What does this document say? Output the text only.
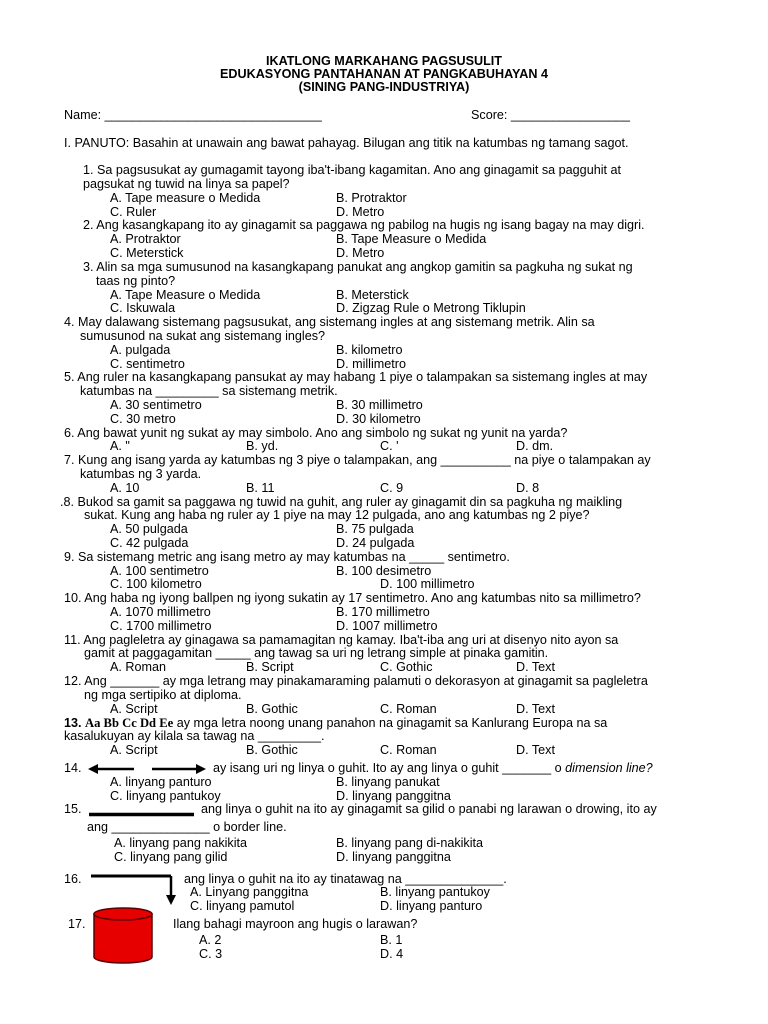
IKATLONG MARKAHANG PAGSUSULIT
EDUKASYONG PANTAHANAN AT PANGKABUHAYAN 4
(SINING PANG-INDUSTRIYA)
Name: _______________________________	Score: _________________
I. PANUTO: Basahin at unawain ang bawat pahayag. Bilugan ang titik na katumbas ng tamang sagot.
1. Sa pagsusukat ay gumagamit tayong iba't-ibang kagamitan. Ano ang ginagamit sa pagguhit at
pagsukat ng tuwid na linya sa papel?
A. Tape measure o Medida	B. Protraktor
C. Ruler	D. Metro
2. Ang kasangkapang ito ay ginagamit sa paggawa ng pabilog na hugis ng isang bagay na may digri.
A. Protraktor	B. Tape Measure o Medida
C. Meterstick	D. Metro
3. Alin sa mga sumusunod na kasangkapang panukat ang angkop gamitin sa pagkuha ng sukat ng
taas ng pinto?
A. Tape Measure o Medida	B. Meterstick
C. Iskuwala	D. Zigzag Rule o Metrong Tiklupin
4. May dalawang sistemang pagsusukat, ang sistemang ingles at ang sistemang metrik. Alin sa
sumusunod na sukat ang sistemang ingles?
A. pulgada	B. kilometro
C. sentimetro	D. millimetro
5. Ang ruler na kasangkapang pansukat ay may habang 1 piye o talampakan sa sistemang ingles at may
katumbas na _________ sa sistemang metrik.
A. 30 sentimetro	B. 30 millimetro
C. 30 metro	D. 30 kilometro
6. Ang bawat yunit ng sukat ay may simbolo. Ano ang simbolo ng sukat ng yunit na yarda?
A. "	B. yd.	C. '	D. dm.
7. Kung ang isang yarda ay katumbas ng 3 piye o talampakan, ang __________ na piye o talampakan ay
katumbas ng 3 yarda.
A. 10	B. 11	C. 9	D. 8
.8. Bukod sa gamit sa paggawa ng tuwid na guhit, ang ruler ay ginagamit din sa pagkuha ng maikling
sukat. Kung ang haba ng ruler ay 1 piye na may 12 pulgada, ano ang katumbas ng 2 piye?
A. 50 pulgada	B. 75 pulgada
C. 42 pulgada	D. 24 pulgada
9. Sa sistemang metric ang isang metro ay may katumbas na _____ sentimetro.
A. 100 sentimetro	B. 100 desimetro
C. 100 kilometro	D. 100 millimetro
10. Ang haba ng iyong ballpen ng iyong sukatin ay 17 sentimetro. Ano ang katumbas nito sa millimetro?
A. 1070 millimetro	B. 170 millimetro
C. 1700 millimetro	D. 1007 millimetro
11. Ang pagleletra ay ginagawa sa pamamagitan ng kamay. Iba't-iba ang uri at disenyo nito ayon sa
gamit at paggagamitan _____ ang tawag sa uri ng letrang simple at pinaka gamitin.
A. Roman	B. Script	C. Gothic	D. Text
12. Ang _______ ay mga letrang may pinakamaraming palamuti o dekorasyon at ginagamit sa pagleletra
ng mga sertipiko at diploma.
A. Script	B. Gothic	C. Roman	D. Text
kasalukuyan ay kilala sa tawag na _________.
A. Script	B. Gothic	C. Roman	D. Text
14.
A. linyang panturo	B. linyang panukat
C. linyang pantukoy	D. linyang panggitna
15.	ang linya o guhit na ito ay ginagamit sa gilid o panabi ng larawan o drowing, ito ay
ang ______________ o border line.
A. linyang pang nakikita	B. linyang pang di-nakikita
C. linyang pang gilid	D. linyang panggitna
16.	ang linya o guhit na ito ay tinatawag na ______________.
A. Linyang panggitna	B. linyang pantukoy
C. linyang pamutol	D. linyang panturo
17.	Ilang bahagi mayroon ang hugis o larawan?
A. 2	B. 1
C. 3	D. 4
13. Aa Bb Cc Dd Ee ay mga letra noong unang panahon na ginagamit sa Kanlurang Europa na sa
ay isang uri ng linya o guhit. Ito ay ang linya o guhit _______ o dimension line?
